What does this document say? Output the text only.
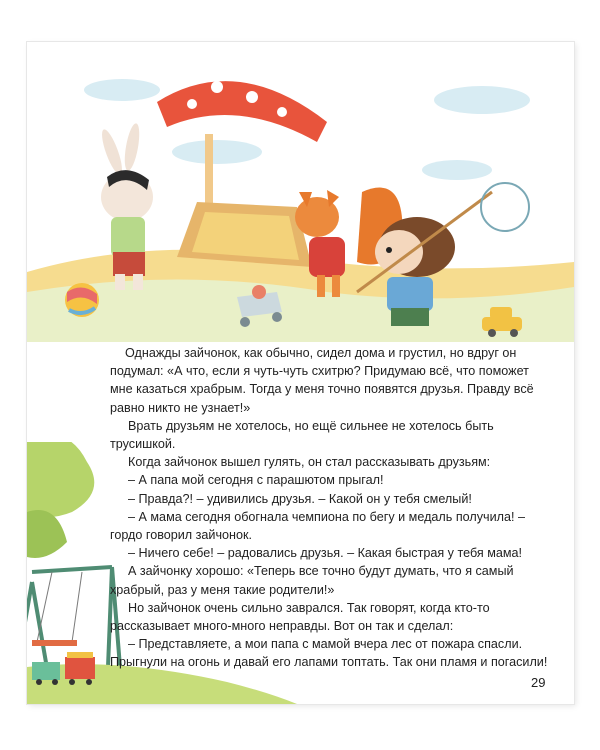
Однажды зайчонок, как обычно, сидел дома и грустил, но вдруг он подумал: «А что, если я чуть-чуть схитрю? Придумаю всё, что поможет мне казаться храбрым. Тогда у меня точно появятся друзья. Правду всё равно никто не узнает!»

Врать друзьям не хотелось, но ещё сильнее не хотелось быть трусишкой.

Когда зайчонок вышел гулять, он стал рассказывать друзьям:

– А папа мой сегодня с парашютом прыгал!

– Правда?! – удивились друзья. – Какой он у тебя смелый!

– А мама сегодня обогнала чемпиона по бегу и медаль получила! – гордо говорил зайчонок.

– Ничего себе! – радовались друзья. – Какая быстрая у тебя мама!

А зайчонку хорошо: «Теперь все точно будут думать, что я самый храбрый, раз у меня такие родители!»

Но зайчонок очень сильно заврался. Так говорят, когда кто-то рассказывает много-много неправды. Вот он так и сделал:

– Представляете, а мои папа с мамой вчера лес от пожара спасли. Прыгнули на огонь и давай его лапами топтать. Так они пламя и погасили!

29
